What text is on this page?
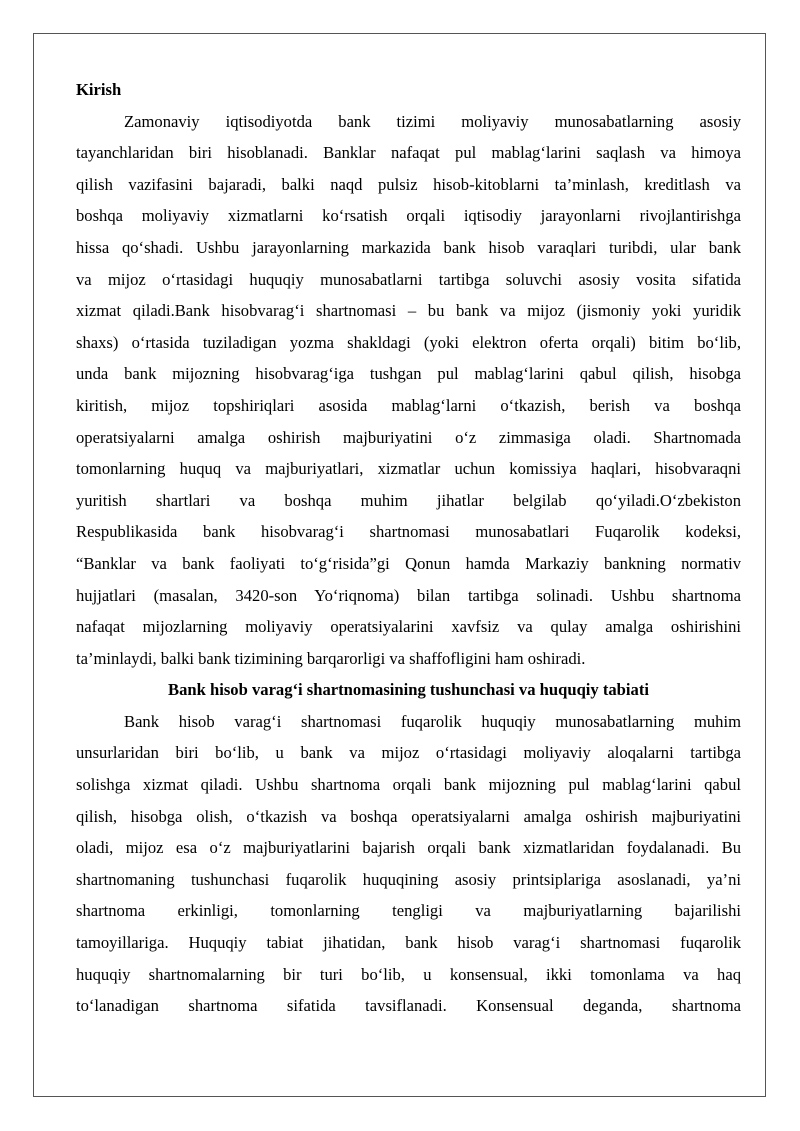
Kirish
Zamonaviy iqtisodiyotda bank tizimi moliyaviy munosabatlarning asosiy
tayanchlaridan biri hisoblanadi. Banklar nafaqat pul mablag‘larini saqlash va himoya
qilish vazifasini bajaradi, balki naqd pulsiz hisob-kitoblarni ta’minlash, kreditlash va
boshqa moliyaviy xizmatlarni ko‘rsatish orqali iqtisodiy jarayonlarni rivojlantirishga
hissa qo‘shadi. Ushbu jarayonlarning markazida bank hisob varaqlari turibdi, ular bank
va mijoz o‘rtasidagi huquqiy munosabatlarni tartibga soluvchi asosiy vosita sifatida
xizmat qiladi.Bank hisobvarag‘i shartnomasi – bu bank va mijoz (jismoniy yoki yuridik
shaxs) o‘rtasida tuziladigan yozma shakldagi (yoki elektron oferta orqali) bitim bo‘lib,
unda bank mijozning hisobvarag‘iga tushgan pul mablag‘larini qabul qilish, hisobga
kiritish, mijoz topshiriqlari asosida mablag‘larni o‘tkazish, berish va boshqa
operatsiyalarni amalga oshirish majburiyatini o‘z zimmasiga oladi. Shartnomada
tomonlarning huquq va majburiyatlari, xizmatlar uchun komissiya haqlari, hisobvaraqni
yuritish shartlari va boshqa muhim jihatlar belgilab qo‘yiladi.O‘zbekiston
Respublikasida bank hisobvarag‘i shartnomasi munosabatlari Fuqarolik kodeksi,
“Banklar va bank faoliyati to‘g‘risida”gi Qonun hamda Markaziy bankning normativ
hujjatlari (masalan, 3420-son Yo‘riqnoma) bilan tartibga solinadi. Ushbu shartnoma
nafaqat mijozlarning moliyaviy operatsiyalarini xavfsiz va qulay amalga oshirishini
ta’minlaydi, balki bank tizimining barqarorligi va shaffofligini ham oshiradi.
Bank hisob varag‘i shartnomasining tushunchasi va huquqiy tabiati
Bank hisob varag‘i shartnomasi fuqarolik huquqiy munosabatlarning muhim
unsurlaridan biri bo‘lib, u bank va mijoz o‘rtasidagi moliyaviy aloqalarni tartibga
solishga xizmat qiladi. Ushbu shartnoma orqali bank mijozning pul mablag‘larini qabul
qilish, hisobga olish, o‘tkazish va boshqa operatsiyalarni amalga oshirish majburiyatini
oladi, mijoz esa o‘z majburiyatlarini bajarish orqali bank xizmatlaridan foydalanadi. Bu
shartnomaning tushunchasi fuqarolik huquqining asosiy printsiplariga asoslanadi, ya’ni
shartnoma erkinligi, tomonlarning tengligi va majburiyatlarning bajarilishi
tamoyillariga. Huquqiy tabiat jihatidan, bank hisob varag‘i shartnomasi fuqarolik
huquqiy shartnomalarning bir turi bo‘lib, u konsensual, ikki tomonlama va haq
to‘lanadigan shartnoma sifatida tavsiflanadi. Konsensual deganda, shartnoma
